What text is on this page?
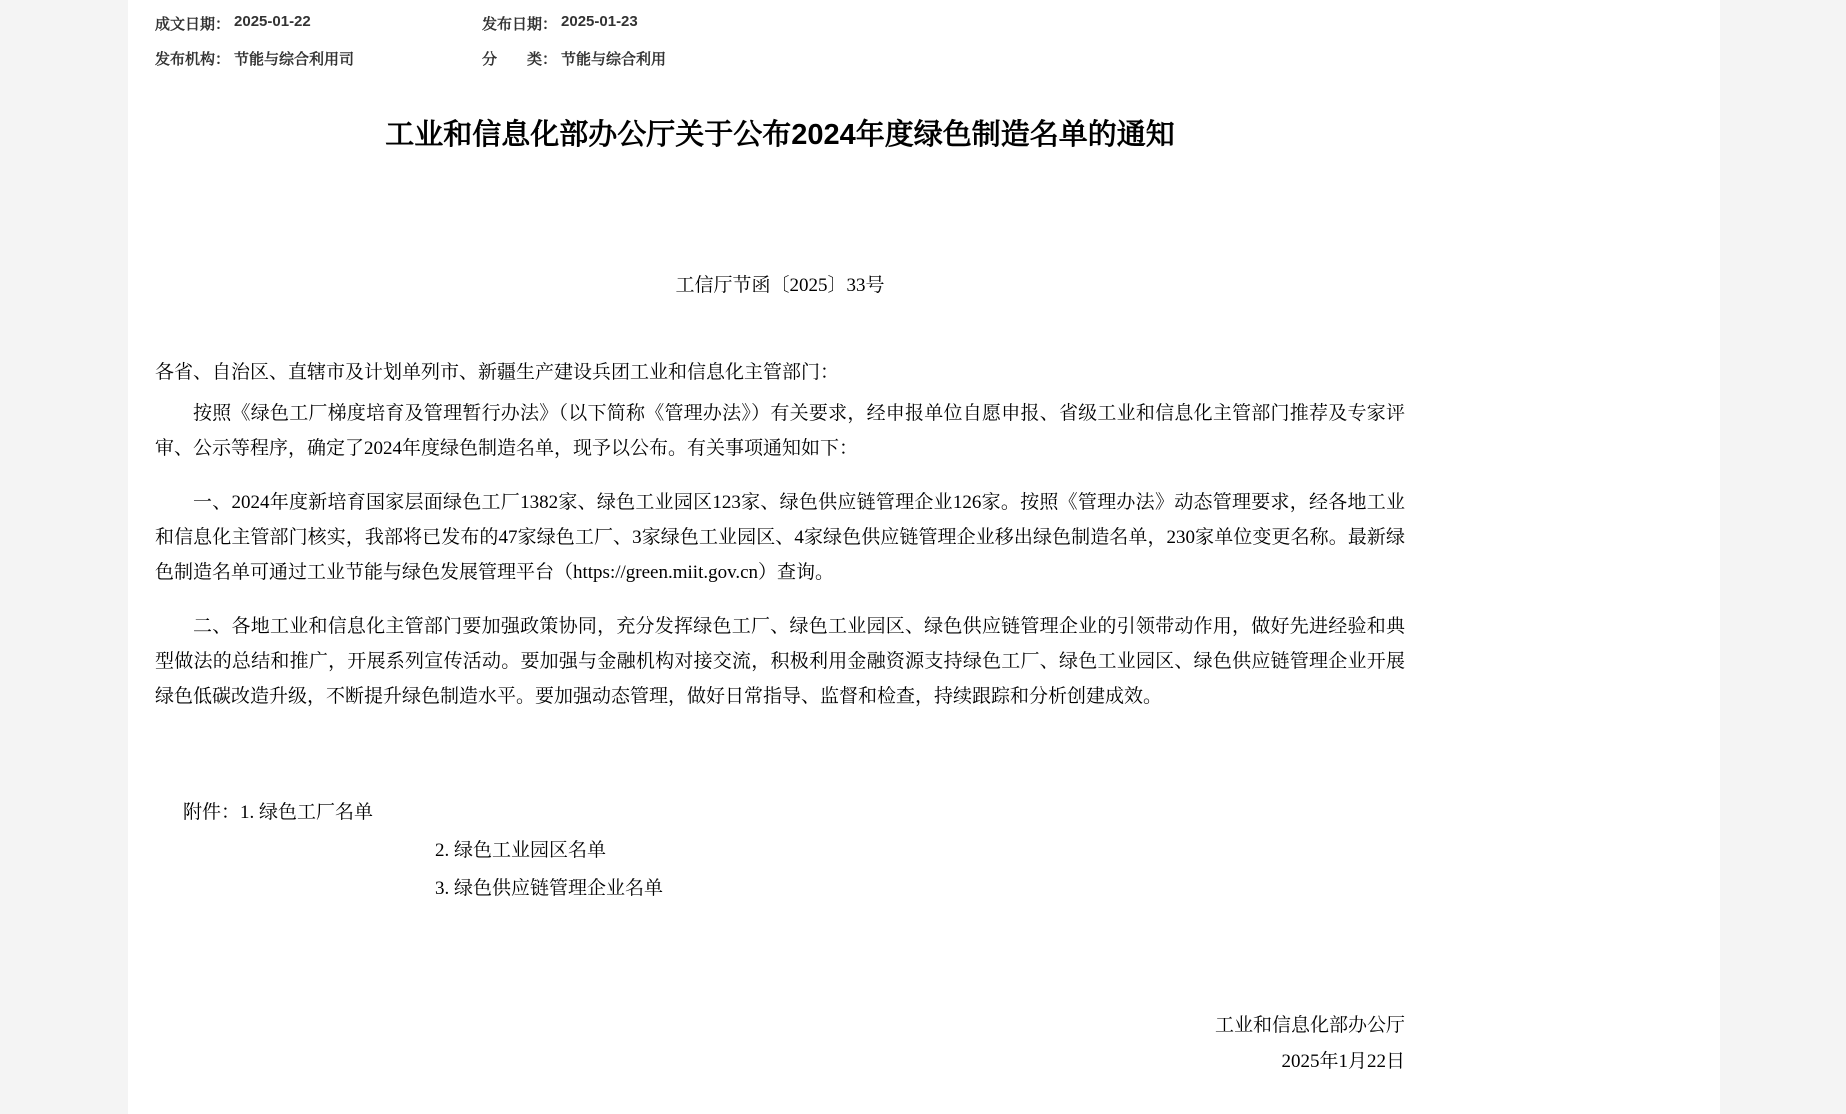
成文日期： 2025-01-22	发布日期： 2025-01-23
发布机构： 节能与综合利用司	分　　类： 节能与综合利用
工业和信息化部办公厅关于公布2024年度绿色制造名单的通知
工信厅节函〔2025〕33号
各省、自治区、直辖市及计划单列市、新疆生产建设兵团工业和信息化主管部门：

按照《绿色工厂梯度培育及管理暂行办法》（以下简称《管理办法》）有关要求，经申报单位自愿申报、省级工业和信息化主管部门推荐及专家评审、公示等程序，确定了2024年度绿色制造名单，现予以公布。有关事项通知如下：

一、2024年度新培育国家层面绿色工厂1382家、绿色工业园区123家、绿色供应链管理企业126家。按照《管理办法》动态管理要求，经各地工业和信息化主管部门核实，我部将已发布的47家绿色工厂、3家绿色工业园区、4家绿色供应链管理企业移出绿色制造名单，230家单位变更名称。最新绿色制造名单可通过工业节能与绿色发展管理平台（https://green.miit.gov.cn）查询。

二、各地工业和信息化主管部门要加强政策协同，充分发挥绿色工厂、绿色工业园区、绿色供应链管理企业的引领带动作用，做好先进经验和典型做法的总结和推广，开展系列宣传活动。要加强与金融机构对接交流，积极利用金融资源支持绿色工厂、绿色工业园区、绿色供应链管理企业开展绿色低碳改造升级，不断提升绿色制造水平。要加强动态管理，做好日常指导、监督和检查，持续跟踪和分析创建成效。

附件：1. 绿色工厂名单
2. 绿色工业园区名单
3. 绿色供应链管理企业名单
工业和信息化部办公厅
2025年1月22日
